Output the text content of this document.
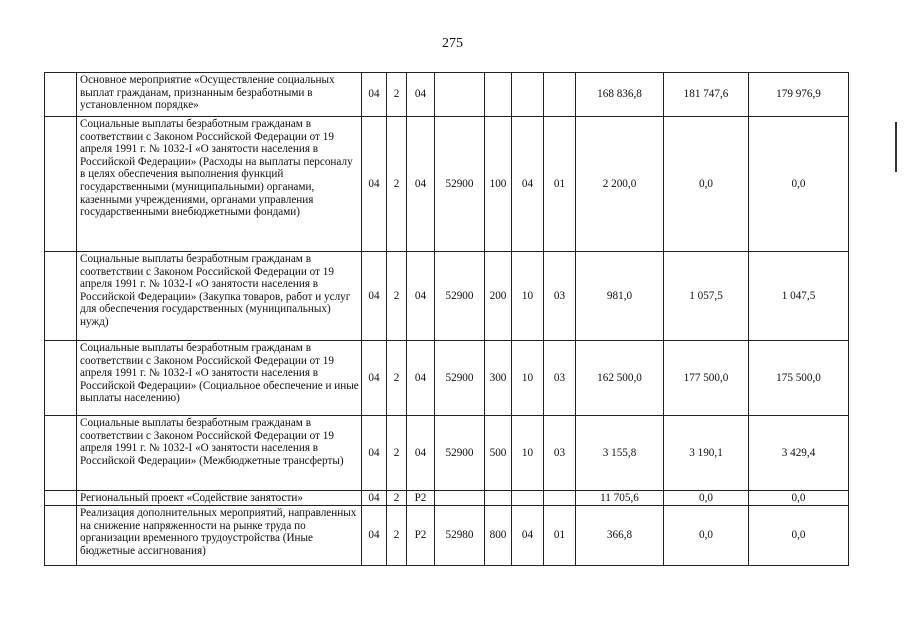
275
	Основное мероприятие «Осуществление социальных выплат гражданам, признанным безработными в установленном порядке»	04	2	04					168 836,8	181 747,6	179 976,9
	Социальные выплаты безработным гражданам в соответствии с Законом Российской Федерации от 19 апреля 1991 г. № 1032-I «О занятости населения в Российской Федерации» (Расходы на выплаты персоналу в целях обеспечения выполнения функций государственными (муниципальными) органами, казенными учреждениями, органами управления государственными внебюджетными фондами)	04	2	04	52900	100	04	01	2 200,0	0,0	0,0
	Социальные выплаты безработным гражданам в соответствии с Законом Российской Федерации от 19 апреля 1991 г. № 1032-I «О занятости населения в Российской Федерации» (Закупка товаров, работ и услуг для обеспечения государственных (муниципальных) нужд)	04	2	04	52900	200	10	03	981,0	1 057,5	1 047,5
	Социальные выплаты безработным гражданам в соответствии с Законом Российской Федерации от 19 апреля 1991 г. № 1032-I «О занятости населения в Российской Федерации» (Социальное обеспечение и иные выплаты населению)	04	2	04	52900	300	10	03	162 500,0	177 500,0	175 500,0
	Социальные выплаты безработным гражданам в соответствии с Законом Российской Федерации от 19 апреля 1991 г. № 1032-I «О занятости населения в Российской Федерации» (Межбюджетные трансферты)	04	2	04	52900	500	10	03	3 155,8	3 190,1	3 429,4
	Региональный проект «Содействие занятости»	04	2	P2					11 705,6	0,0	0,0
	Реализация дополнительных мероприятий, направленных на снижение напряженности на рынке труда по организации временного трудоустройства (Иные бюджетные ассигнования)	04	2	P2	52980	800	04	01	366,8	0,0	0,0
